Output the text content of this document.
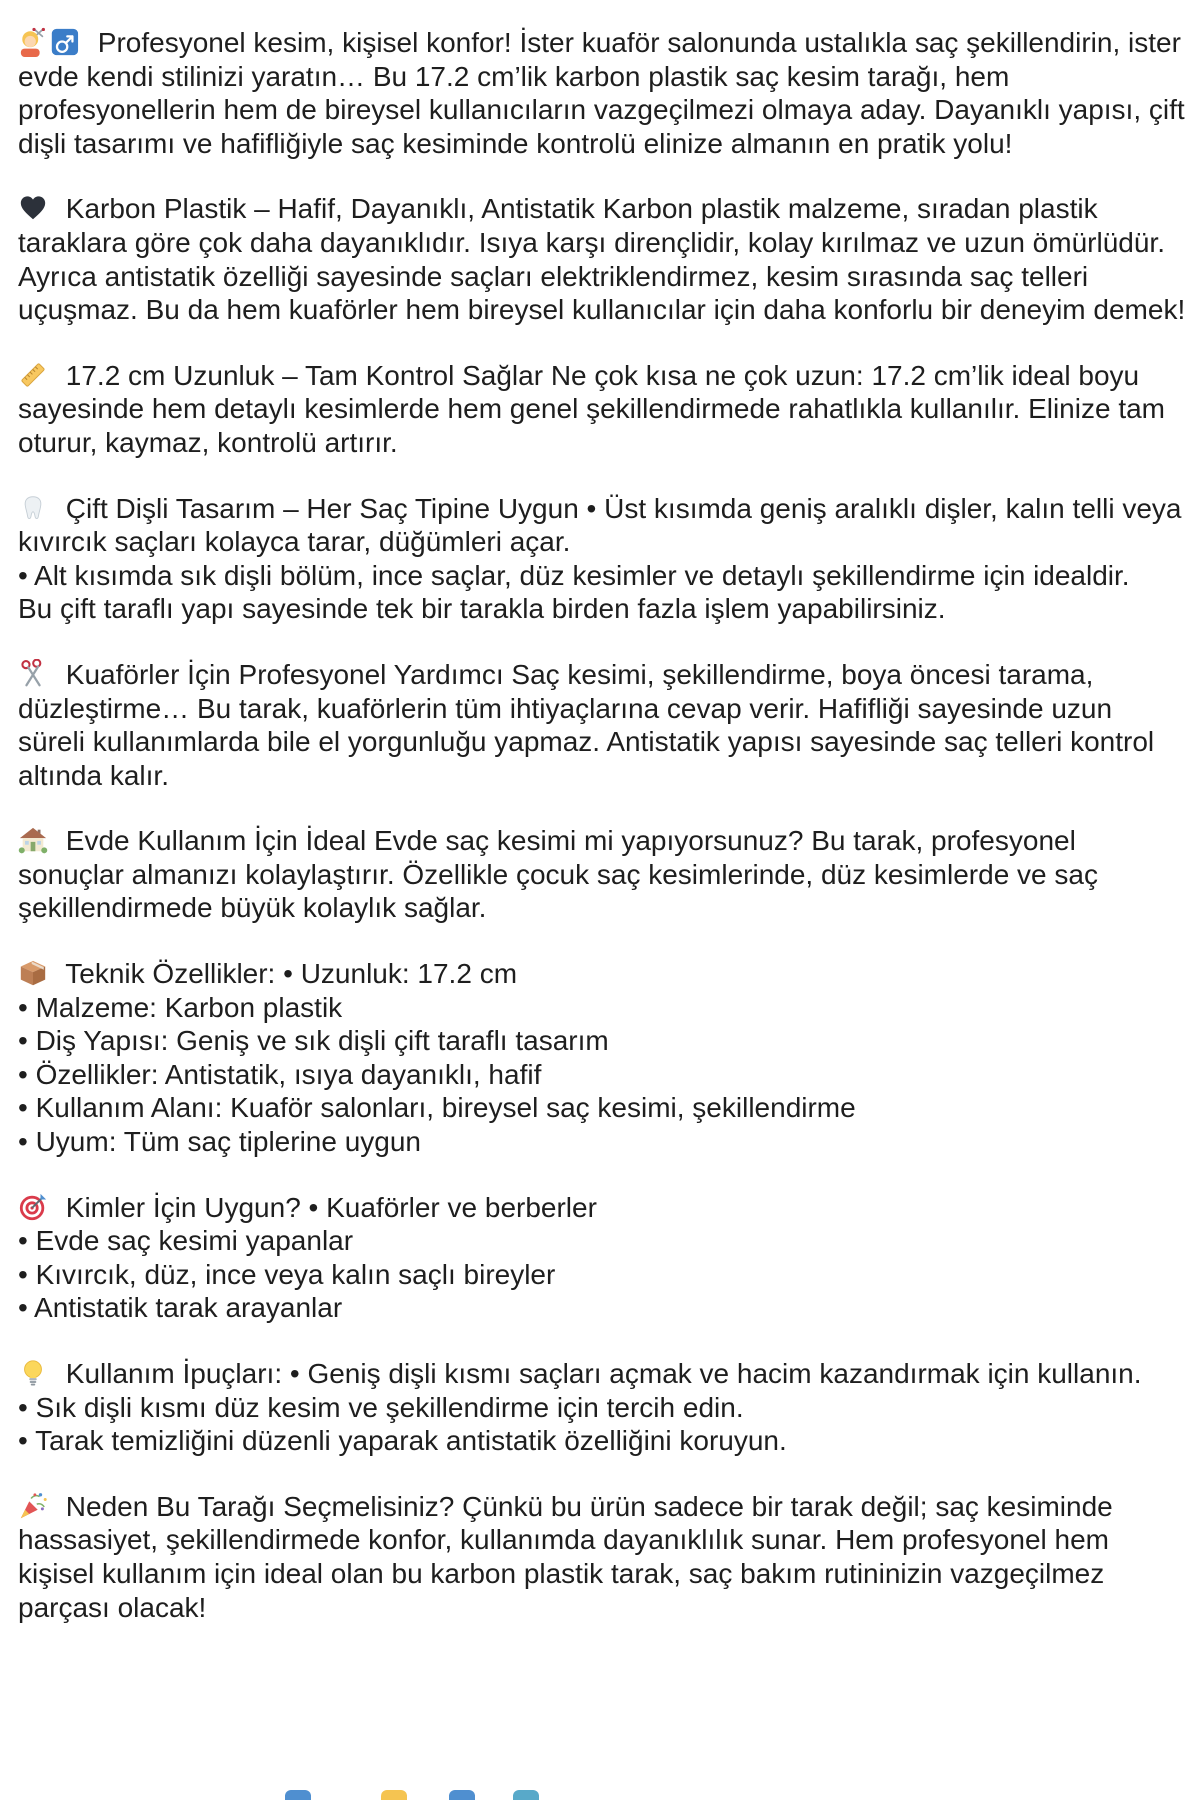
Profesyonel kesim, kişisel konfor! İster kuaför salonunda ustalıkla saç şekillendirin, ister evde kendi stilinizi yaratın… Bu 17.2 cm’lik karbon plastik saç kesim tarağı, hem profesyonellerin hem de bireysel kullanıcıların vazgeçilmezi olmaya aday. Dayanıklı yapısı, çift dişli tasarımı ve hafifliğiyle saç kesiminde kontrolü elinize almanın en pratik yolu!
Karbon Plastik – Hafif, Dayanıklı, Antistatik Karbon plastik malzeme, sıradan plastik taraklara göre çok daha dayanıklıdır. Isıya karşı dirençlidir, kolay kırılmaz ve uzun ömürlüdür. Ayrıca antistatik özelliği sayesinde saçları elektriklendirmez, kesim sırasında saç telleri uçuşmaz. Bu da hem kuaförler hem bireysel kullanıcılar için daha konforlu bir deneyim demek!
17.2 cm Uzunluk – Tam Kontrol Sağlar Ne çok kısa ne çok uzun: 17.2 cm’lik ideal boyu sayesinde hem detaylı kesimlerde hem genel şekillendirmede rahatlıkla kullanılır. Elinize tam oturur, kaymaz, kontrolü artırır.
Çift Dişli Tasarım – Her Saç Tipine Uygun • Üst kısımda geniş aralıklı dişler, kalın telli veya kıvırcık saçları kolayca tarar, düğümleri açar.
• Alt kısımda sık dişli bölüm, ince saçlar, düz kesimler ve detaylı şekillendirme için idealdir.
Bu çift taraflı yapı sayesinde tek bir tarakla birden fazla işlem yapabilirsiniz.
Kuaförler İçin Profesyonel Yardımcı Saç kesimi, şekillendirme, boya öncesi tarama, düzleştirme… Bu tarak, kuaförlerin tüm ihtiyaçlarına cevap verir. Hafifliği sayesinde uzun süreli kullanımlarda bile el yorgunluğu yapmaz. Antistatik yapısı sayesinde saç telleri kontrol altında kalır.
Evde Kullanım İçin İdeal Evde saç kesimi mi yapıyorsunuz? Bu tarak, profesyonel sonuçlar almanızı kolaylaştırır. Özellikle çocuk saç kesimlerinde, düz kesimlerde ve saç şekillendirmede büyük kolaylık sağlar.
Teknik Özellikler: • Uzunluk: 17.2 cm
• Malzeme: Karbon plastik
• Diş Yapısı: Geniş ve sık dişli çift taraflı tasarım
• Özellikler: Antistatik, ısıya dayanıklı, hafif
• Kullanım Alanı: Kuaför salonları, bireysel saç kesimi, şekillendirme
• Uyum: Tüm saç tiplerine uygun
Kimler İçin Uygun? • Kuaförler ve berberler
• Evde saç kesimi yapanlar
• Kıvırcık, düz, ince veya kalın saçlı bireyler
• Antistatik tarak arayanlar
Kullanım İpuçları: • Geniş dişli kısmı saçları açmak ve hacim kazandırmak için kullanın.
• Sık dişli kısmı düz kesim ve şekillendirme için tercih edin.
• Tarak temizliğini düzenli yaparak antistatik özelliğini koruyun.
Neden Bu Tarağı Seçmelisiniz? Çünkü bu ürün sadece bir tarak değil; saç kesiminde hassasiyet, şekillendirmede konfor, kullanımda dayanıklılık sunar. Hem profesyonel hem kişisel kullanım için ideal olan bu karbon plastik tarak, saç bakım rutininizin vazgeçilmez parçası olacak!
